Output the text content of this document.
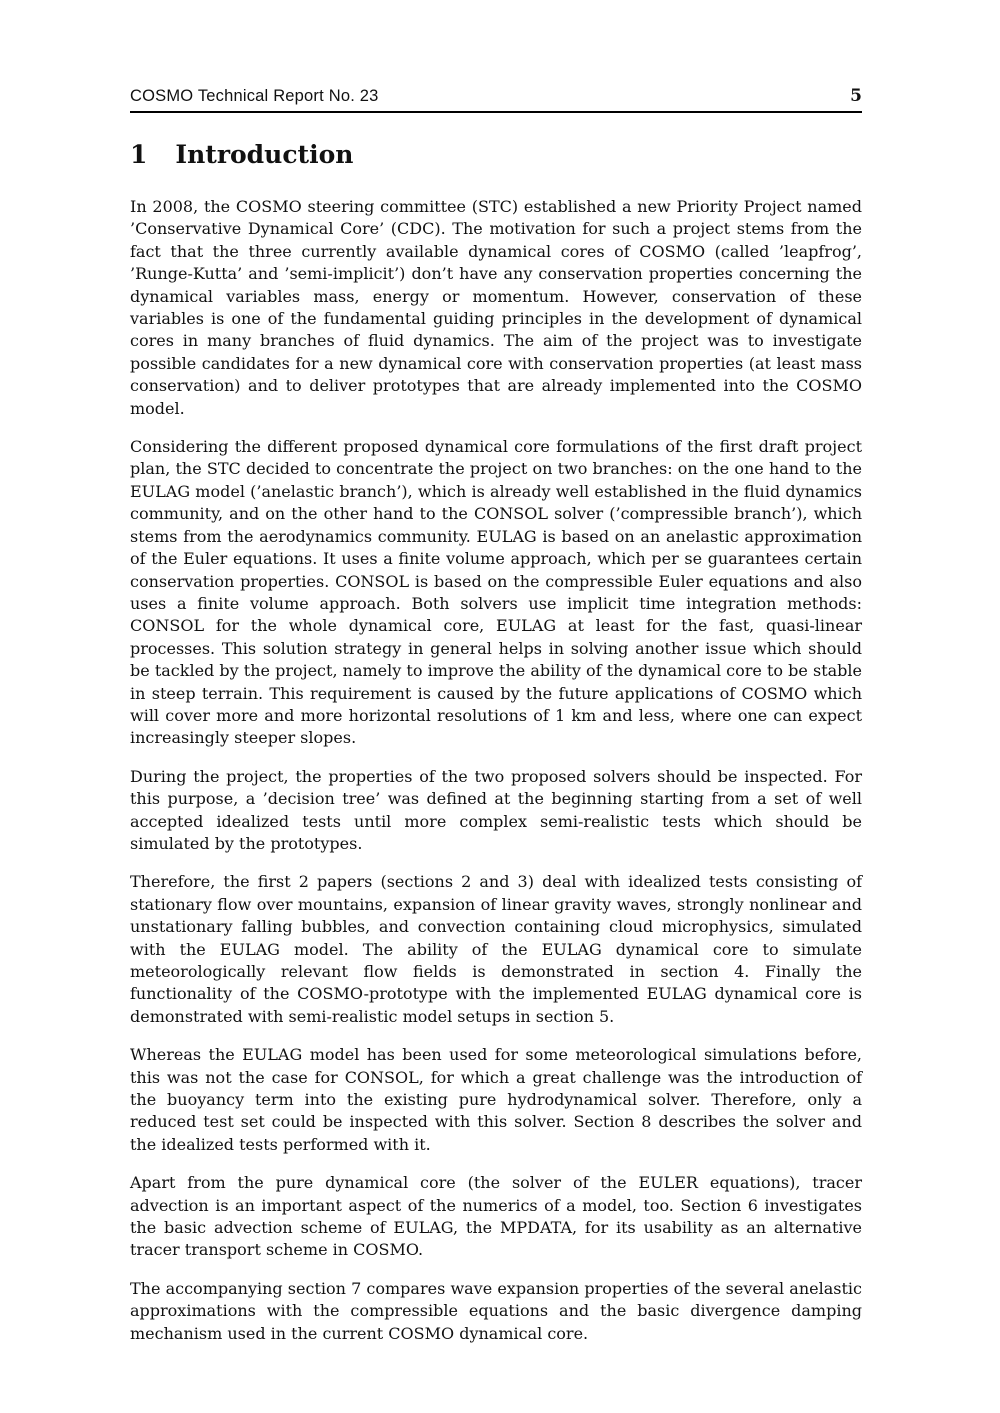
COSMO Technical Report No. 23	5
1 Introduction

In 2008, the COSMO steering committee (STC) established a new Priority Project named ’Conservative Dynamical Core’ (CDC). The motivation for such a project stems from the fact that the three currently available dynamical cores of COSMO (called ’leapfrog’, ’Runge-Kutta’ and ’semi-implicit’) don’t have any conservation properties concerning the dynamical variables mass, energy or momentum. However, conservation of these variables is one of the fundamental guiding principles in the development of dynamical cores in many branches of fluid dynamics. The aim of the project was to investigate possible candidates for a new dynamical core with conservation properties (at least mass conservation) and to deliver prototypes that are already implemented into the COSMO model.

Considering the different proposed dynamical core formulations of the first draft project plan, the STC decided to concentrate the project on two branches: on the one hand to the EULAG model (’anelastic branch’), which is already well established in the fluid dynamics community, and on the other hand to the CONSOL solver (’compressible branch’), which stems from the aerodynamics community. EULAG is based on an anelastic approximation of the Euler equations. It uses a finite volume approach, which per se guarantees certain conservation properties. CONSOL is based on the compressible Euler equations and also uses a finite volume approach. Both solvers use implicit time integration methods: CONSOL for the whole dynamical core, EULAG at least for the fast, quasi-linear processes. This solution strategy in general helps in solving another issue which should be tackled by the project, namely to improve the ability of the dynamical core to be stable in steep terrain. This requirement is caused by the future applications of COSMO which will cover more and more horizontal resolutions of 1 km and less, where one can expect increasingly steeper slopes.

During the project, the properties of the two proposed solvers should be inspected. For this purpose, a ’decision tree’ was defined at the beginning starting from a set of well accepted idealized tests until more complex semi-realistic tests which should be simulated by the prototypes.

Therefore, the first 2 papers (sections 2 and 3) deal with idealized tests consisting of stationary flow over mountains, expansion of linear gravity waves, strongly nonlinear and unstationary falling bubbles, and convection containing cloud microphysics, simulated with the EULAG model. The ability of the EULAG dynamical core to simulate meteorologically relevant flow fields is demonstrated in section 4. Finally the functionality of the COSMO-prototype with the implemented EULAG dynamical core is demonstrated with semi-realistic model setups in section 5.

Whereas the EULAG model has been used for some meteorological simulations before, this was not the case for CONSOL, for which a great challenge was the introduction of the buoyancy term into the existing pure hydrodynamical solver. Therefore, only a reduced test set could be inspected with this solver. Section 8 describes the solver and the idealized tests performed with it.

Apart from the pure dynamical core (the solver of the EULER equations), tracer advection is an important aspect of the numerics of a model, too. Section 6 investigates the basic advection scheme of EULAG, the MPDATA, for its usability as an alternative tracer transport scheme in COSMO.

The accompanying section 7 compares wave expansion properties of the several anelastic approximations with the compressible equations and the basic divergence damping mechanism used in the current COSMO dynamical core.
